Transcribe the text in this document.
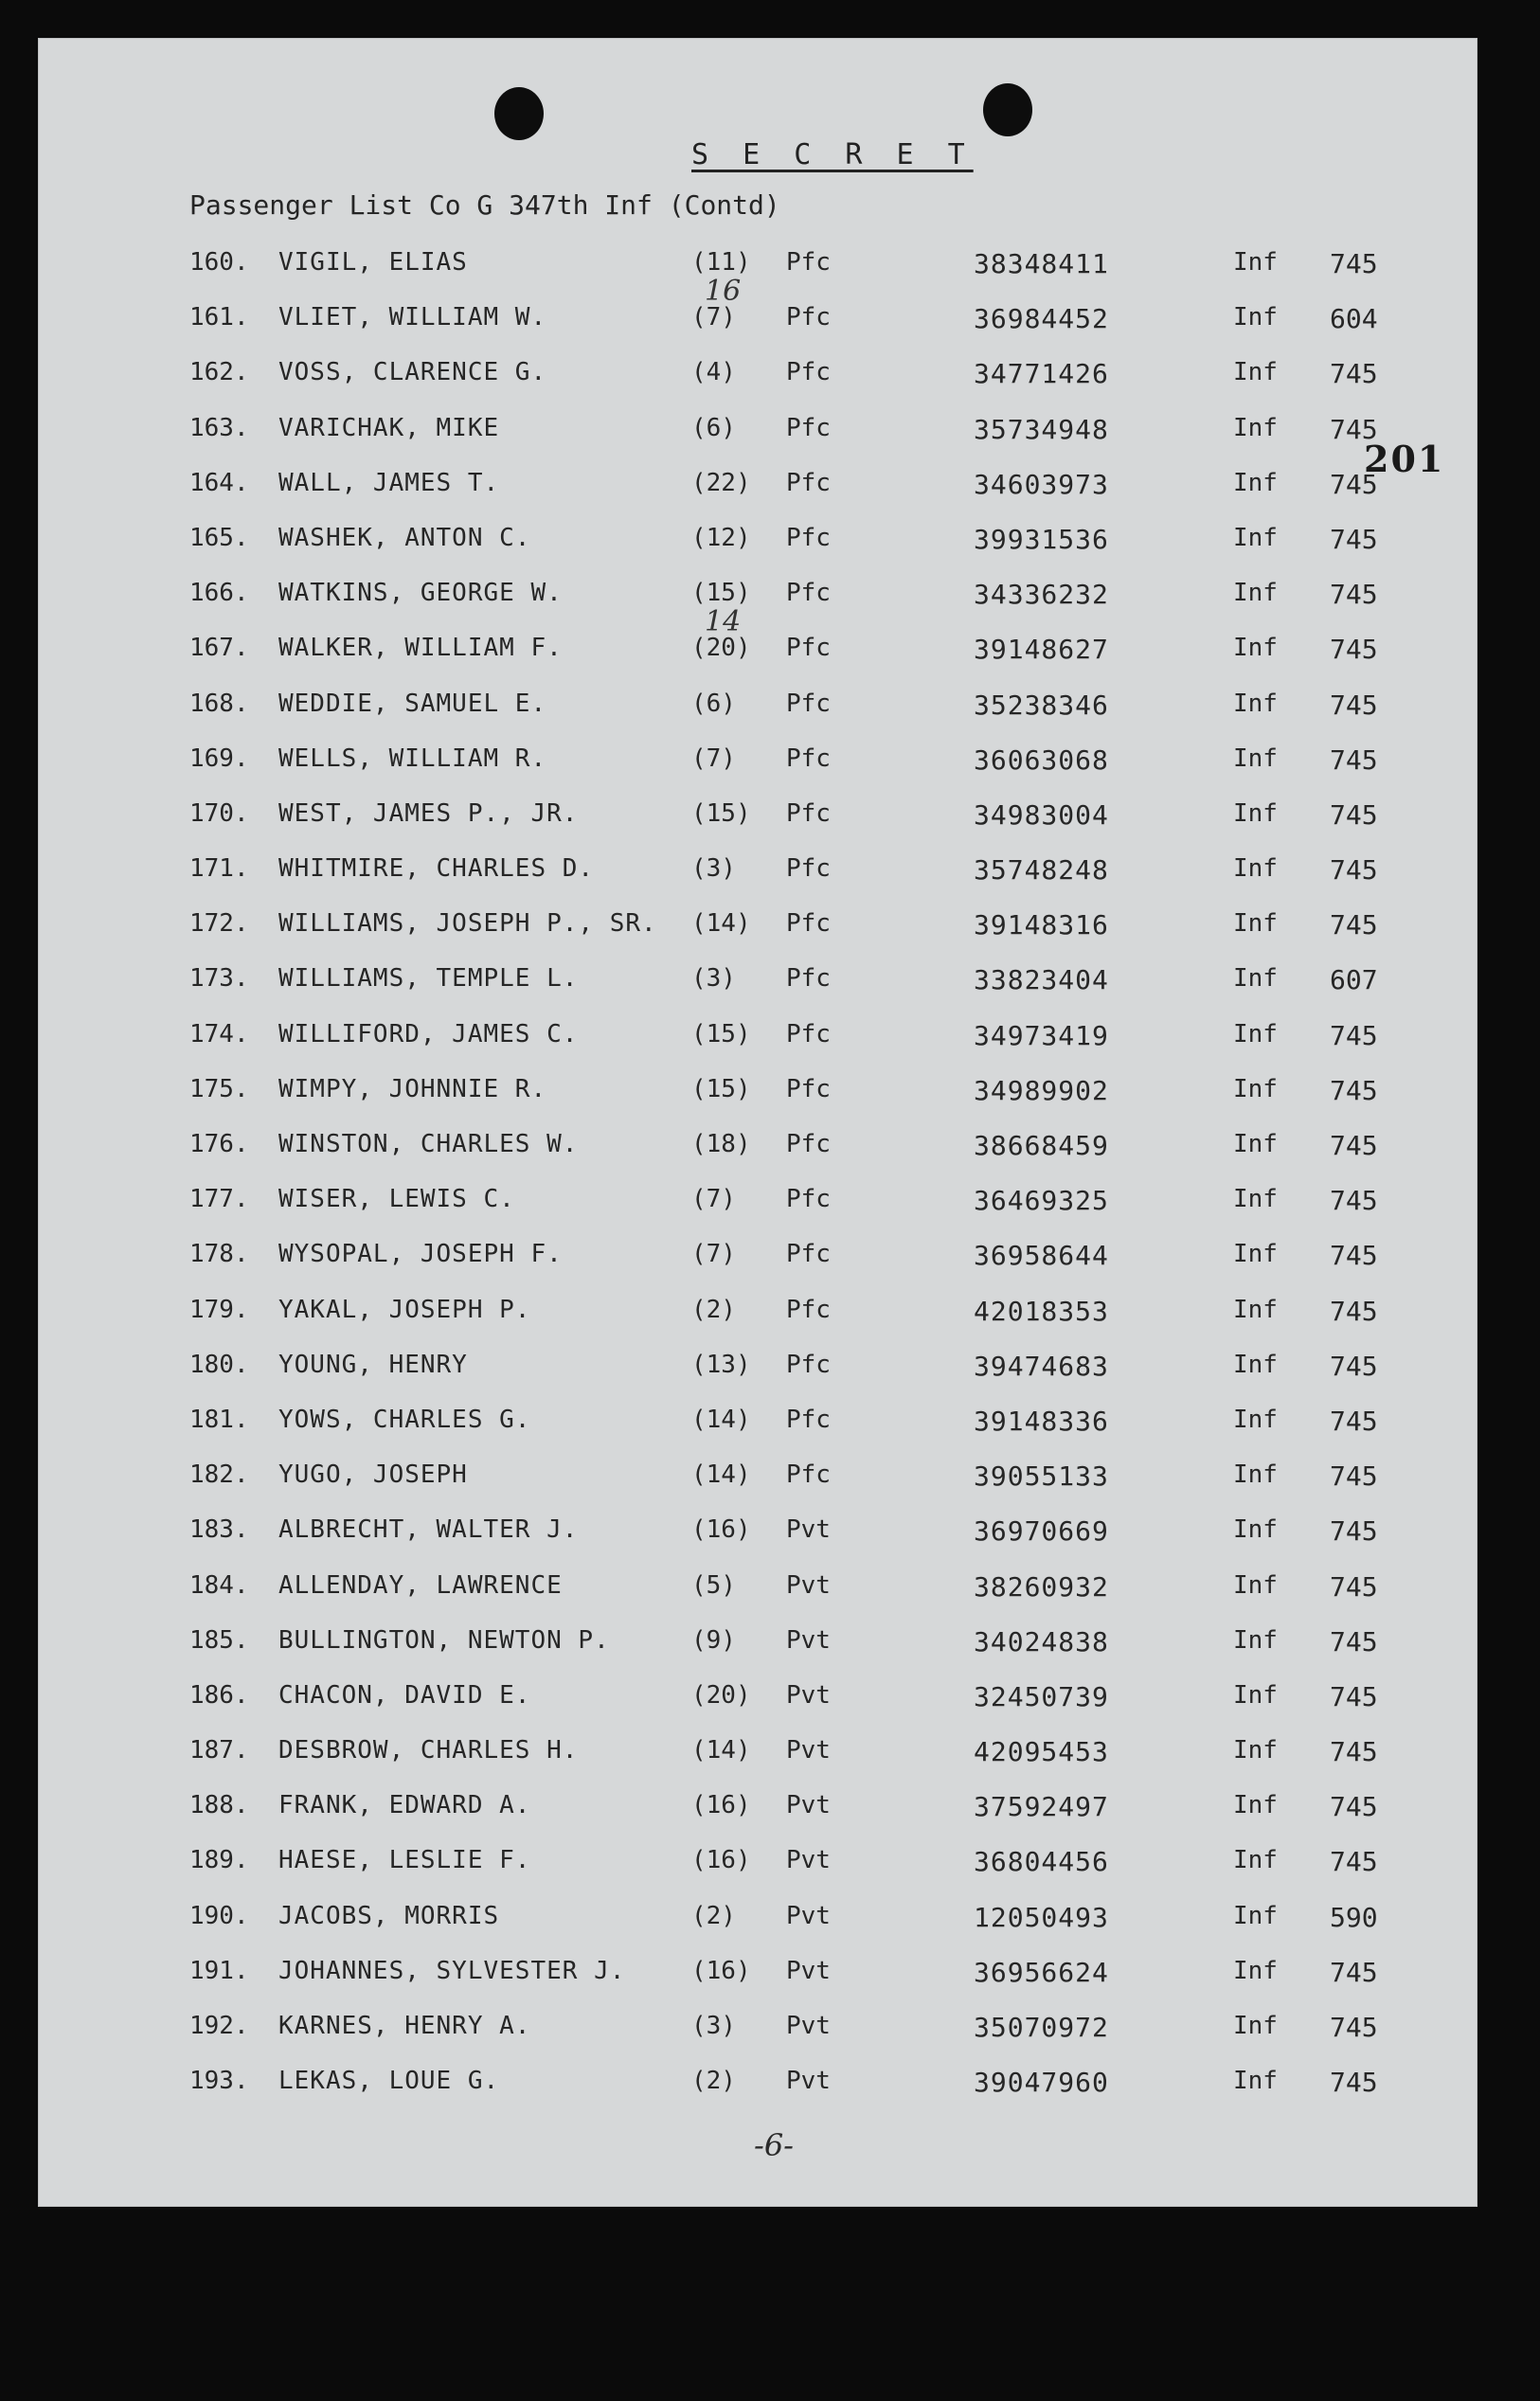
S E C R E T
Passenger List Co G 347th Inf (Contd)
201
160. VIGIL, ELIAS	(11) Pfc	38348411	Inf 745
161. VLIET, WILLIAM W.	(7) Pfc	36984452	Inf 604
16
162. VOSS, CLARENCE G.	(4) Pfc	34771426	Inf 745
163. VARICHAK, MIKE	(6) Pfc	35734948	Inf 745
164. WALL, JAMES T.	(22) Pfc	34603973	Inf 745
165. WASHEK, ANTON C.	(12) Pfc	39931536	Inf 745
166. WATKINS, GEORGE W.	(15) Pfc	34336232	Inf 745
167. WALKER, WILLIAM F.	(20) Pfc	39148627	Inf 745
14
168. WEDDIE, SAMUEL E.	(6) Pfc	35238346	Inf 745
169. WELLS, WILLIAM R.	(7) Pfc	36063068	Inf 745
170. WEST, JAMES P., JR.	(15) Pfc	34983004	Inf 745
171. WHITMIRE, CHARLES D.	(3) Pfc	35748248	Inf 745
172. WILLIAMS, JOSEPH P., SR. (14) Pfc	39148316	Inf 745
173. WILLIAMS, TEMPLE L.	(3) Pfc	33823404	Inf 607
174. WILLIFORD, JAMES C.	(15) Pfc	34973419	Inf 745
175. WIMPY, JOHNNIE R.	(15) Pfc	34989902	Inf 745
176. WINSTON, CHARLES W.	(18) Pfc	38668459	Inf 745
177. WISER, LEWIS C.	(7) Pfc	36469325	Inf 745
178. WYSOPAL, JOSEPH F.	(7) Pfc	36958644	Inf 745
179. YAKAL, JOSEPH P.	(2) Pfc	42018353	Inf 745
180. YOUNG, HENRY	(13) Pfc	39474683	Inf 745
181. YOWS, CHARLES G.	(14) Pfc	39148336	Inf 745
182. YUGO, JOSEPH	(14) Pfc	39055133	Inf 745
183. ALBRECHT, WALTER J.	(16) Pvt	36970669	Inf 745
184. ALLENDAY, LAWRENCE	(5) Pvt	38260932	Inf 745
185. BULLINGTON, NEWTON P.	(9) Pvt	34024838	Inf 745
186. CHACON, DAVID E.	(20) Pvt	32450739	Inf 745
187. DESBROW, CHARLES H.	(14) Pvt	42095453	Inf 745
188. FRANK, EDWARD A.	(16) Pvt	37592497	Inf 745
189. HAESE, LESLIE F.	(16) Pvt	36804456	Inf 745
190. JACOBS, MORRIS	(2) Pvt	12050493	Inf 590
191. JOHANNES, SYLVESTER J.	(16) Pvt	36956624	Inf 745
192. KARNES, HENRY A.	(3) Pvt	35070972	Inf 745
193. LEKAS, LOUE G.	(2) Pvt	39047960	Inf 745
-6-
